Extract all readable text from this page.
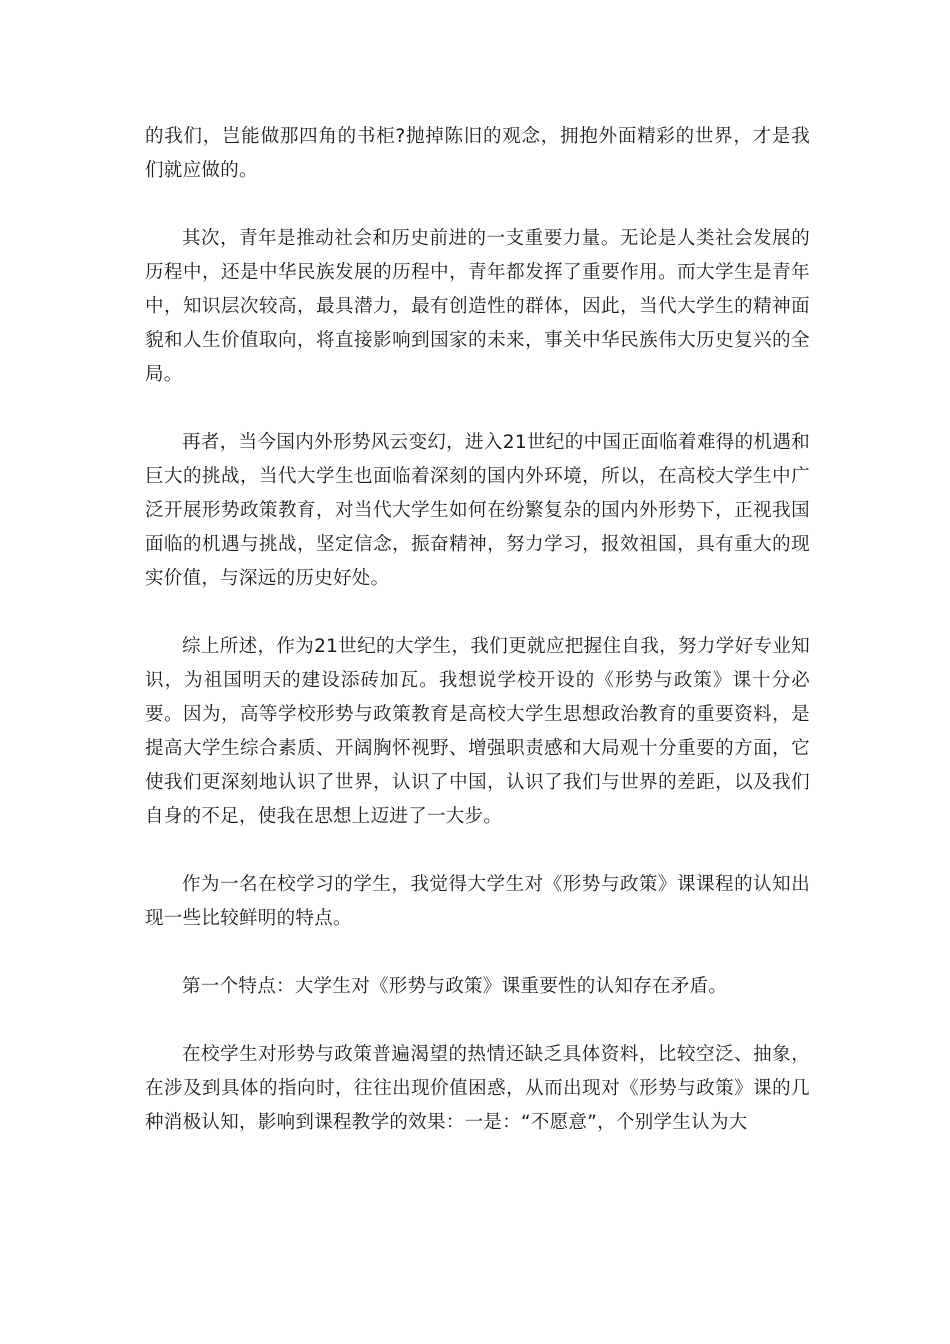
的我们，岂能做那四角的书柜?抛掉陈旧的观念，拥抱外面精彩的世界，才是我们就应做的。

其次，青年是推动社会和历史前进的一支重要力量。无论是人类社会发展的历程中，还是中华民族发展的历程中，青年都发挥了重要作用。而大学生是青年中，知识层次较高，最具潜力，最有创造性的群体，因此，当代大学生的精神面貌和人生价值取向，将直接影响到国家的未来，事关中华民族伟大历史复兴的全局。

再者，当今国内外形势风云变幻，进入21世纪的中国正面临着难得的机遇和巨大的挑战，当代大学生也面临着深刻的国内外环境，所以，在高校大学生中广泛开展形势政策教育，对当代大学生如何在纷繁复杂的国内外形势下，正视我国面临的机遇与挑战，坚定信念，振奋精神，努力学习，报效祖国，具有重大的现实价值，与深远的历史好处。

综上所述，作为21世纪的大学生，我们更就应把握住自我，努力学好专业知识，为祖国明天的建设添砖加瓦。我想说学校开设的《形势与政策》课十分必要。因为，高等学校形势与政策教育是高校大学生思想政治教育的重要资料，是提高大学生综合素质、开阔胸怀视野、增强职责感和大局观十分重要的方面，它使我们更深刻地认识了世界，认识了中国，认识了我们与世界的差距，以及我们自身的不足，使我在思想上迈进了一大步。

作为一名在校学习的学生，我觉得大学生对《形势与政策》课课程的认知出现一些比较鲜明的特点。

第一个特点：大学生对《形势与政策》课重要性的认知存在矛盾。

在校学生对形势与政策普遍渴望的热情还缺乏具体资料，比较空泛、抽象，在涉及到具体的指向时，往往出现价值困惑，从而出现对《形势与政策》课的几种消极认知，影响到课程教学的效果：一是：“不愿意”，个别学生认为大
